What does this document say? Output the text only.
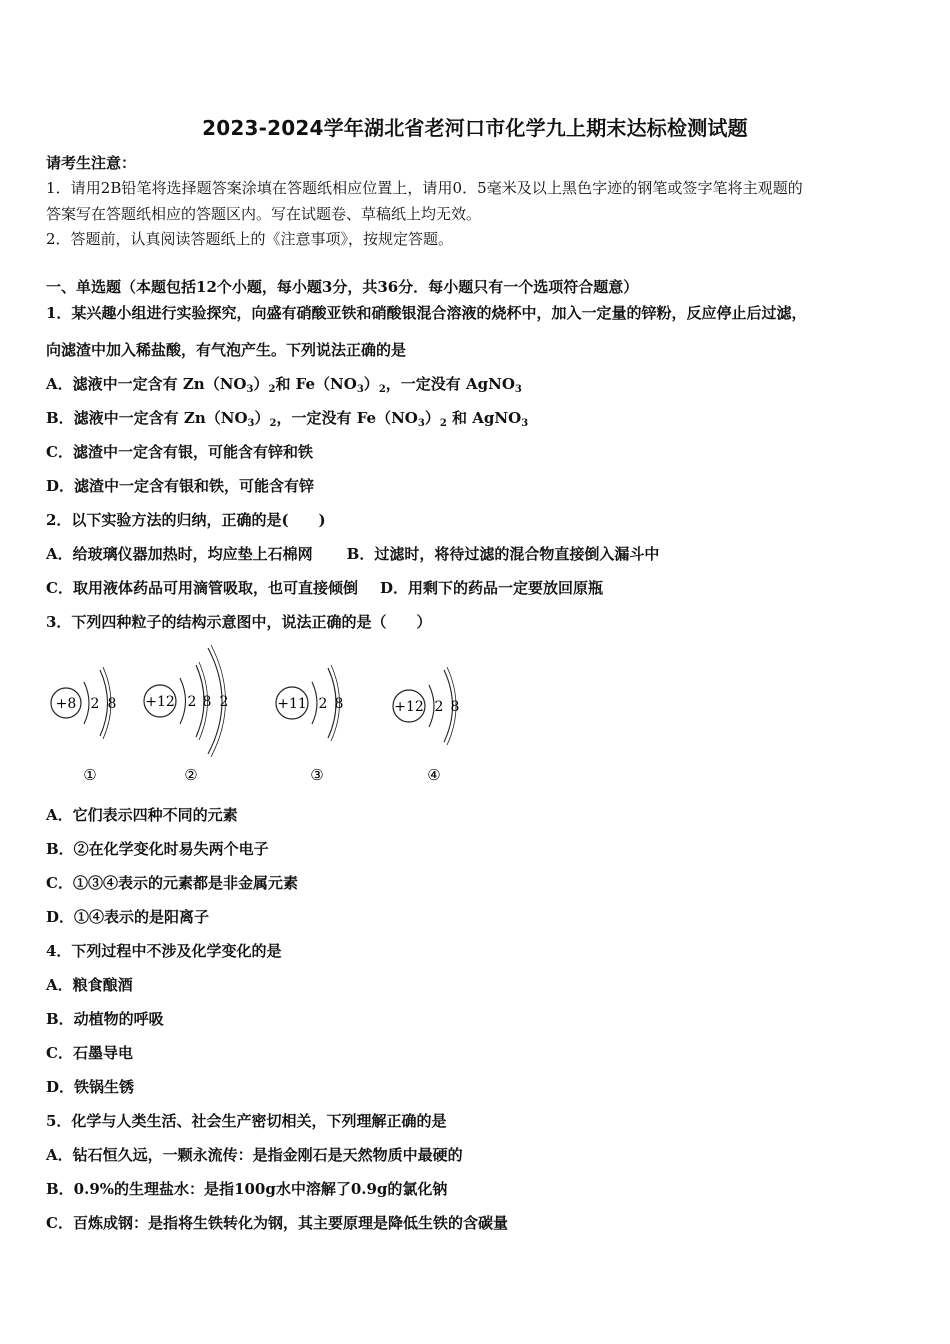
2023-2024学年湖北省老河口市化学九上期末达标检测试题
请考生注意：
1．请用2B铅笔将选择题答案涂填在答题纸相应位置上，请用0．5毫米及以上黑色字迹的钢笔或签字笔将主观题的
答案写在答题纸相应的答题区内。写在试题卷、草稿纸上均无效。
2．答题前，认真阅读答题纸上的《注意事项》，按规定答题。
一、单选题（本题包括12个小题，每小题3分，共36分．每小题只有一个选项符合题意）
1．某兴趣小组进行实验探究，向盛有硝酸亚铁和硝酸银混合溶液的烧杯中，加入一定量的锌粉，反应停止后过滤，
向滤渣中加入稀盐酸，有气泡产生。下列说法正确的是
A．滤液中一定含有 $Zn(NO_3)_2$和 $Fe(NO_3)_2$，一定没有 AgNO$_3$
B．滤液中一定含有 $Zn(NO_3)_2$，一定没有 $Fe(NO_3)_2$ 和 AgNO$_3$
C．滤渣中一定含有银，可能含有锌和铁
D．滤渣中一定含有银和铁，可能含有锌
2．以下实验方法的归纳，正确的是(　　)
A．给玻璃仪器加热时，均应垫上石棉网 B．过滤时，将待过滤的混合物直接倒入漏斗中
C．取用液体药品可用滴管吸取，也可直接倾倒 D．用剩下的药品一定要放回原瓶
3．下列四种粒子的结构示意图中，说法正确的是（　　）
+8 2 8
①
+12 2 8 2
②
+11 2 8
③
+12 2 8
④
A．它们表示四种不同的元素
B．②在化学变化时易失两个电子
C．①③④表示的元素都是非金属元素
D．①④表示的是阳离子
4．下列过程中不涉及化学变化的是
A．粮食酿酒
B．动植物的呼吸
C．石墨导电
D．铁锅生锈
5．化学与人类生活、社会生产密切相关，下列理解正确的是
A．钻石恒久远，一颗永流传：是指金刚石是天然物质中最硬的
B．0.9%的生理盐水：是指100g水中溶解了0.9g的氯化钠
C．百炼成钢：是指将生铁转化为钢，其主要原理是降低生铁的含碳量
